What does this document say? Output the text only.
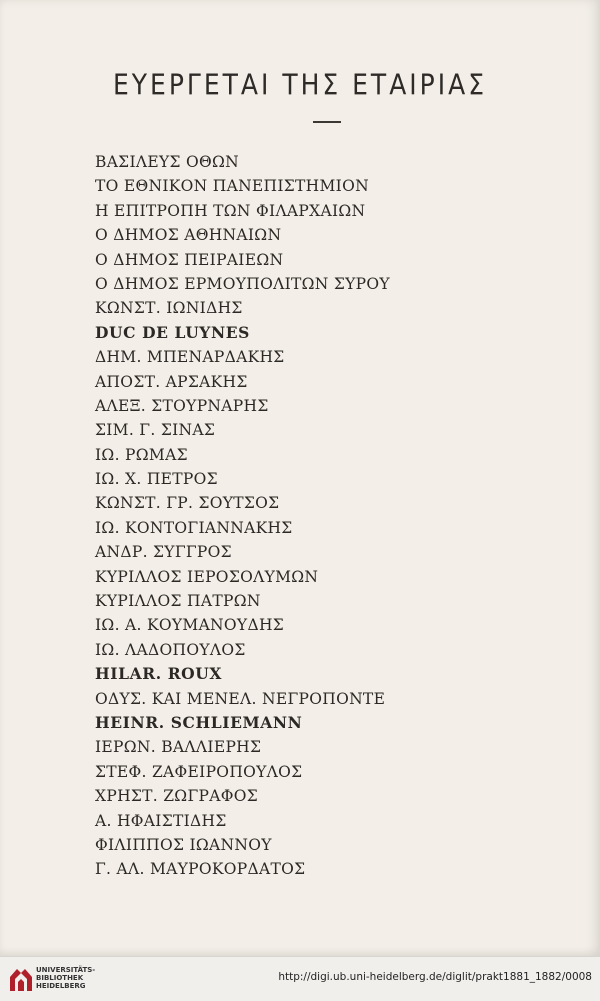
ΕΥΕΡΓΕΤΑΙ ΤΗΣ ΕΤΑΙΡΙΑΣ
ΒΑΣΙΛΕΥΣ ΟΘΩΝ
ΤΟ ΕΘΝΙΚΟΝ ΠΑΝΕΠΙΣΤΗΜΙΟΝ
Η ΕΠΙΤΡΟΠΗ ΤΩΝ ΦΙΛΑΡΧΑΙΩΝ
Ο ΔΗΜΟΣ ΑΘΗΝΑΙΩΝ
Ο ΔΗΜΟΣ ΠΕΙΡΑΙΕΩΝ
Ο ΔΗΜΟΣ ΕΡΜΟΥΠΟΛΙΤΩΝ ΣΥΡΟΥ
ΚΩΝΣΤ. ΙΩΝΙΔΗΣ
DUC DE LUYNES
ΔΗΜ. ΜΠΕΝΑΡΔΑΚΗΣ
ΑΠΟΣΤ. ΑΡΣΑΚΗΣ
ΑΛΕΞ. ΣΤΟΥΡΝΑΡΗΣ
ΣΙΜ. Γ. ΣΙΝΑΣ
ΙΩ. ΡΩΜΑΣ
ΙΩ. Χ. ΠΕΤΡΟΣ
ΚΩΝΣΤ. ΓΡ. ΣΟΥΤΣΟΣ
ΙΩ. ΚΟΝΤΟΓΙΑΝΝΑΚΗΣ
ΑΝΔΡ. ΣΥΓΓΡΟΣ
ΚΥΡΙΛΛΟΣ ΙΕΡΟΣΟΛΥΜΩΝ
ΚΥΡΙΛΛΟΣ ΠΑΤΡΩΝ
ΙΩ. Α. ΚΟΥΜΑΝΟΥΔΗΣ
ΙΩ. ΛΑΔΟΠΟΥΛΟΣ
HILAR. ROUX
ΟΔΥΣ. ΚΑΙ ΜΕΝΕΛ. ΝΕΓΡΟΠΟΝΤΕ
HEINR. SCHLIEMANN
ΙΕΡΩΝ. ΒΑΛΛΙΕΡΗΣ
ΣΤΕΦ. ΖΑΦΕΙΡΟΠΟΥΛΟΣ
ΧΡΗΣΤ. ΖΩΓΡΑΦΟΣ
Α. ΗΦΑΙΣΤΙΔΗΣ
ΦΙΛΙΠΠΟΣ ΙΩΑΝΝΟΥ
Γ. ΑΛ. ΜΑΥΡΟΚΟΡΔΑΤΟΣ
UNIVERSITÄTS-
BIBLIOTHEK
HEIDELBERG
http://digi.ub.uni-heidelberg.de/diglit/prakt1881_1882/0008
